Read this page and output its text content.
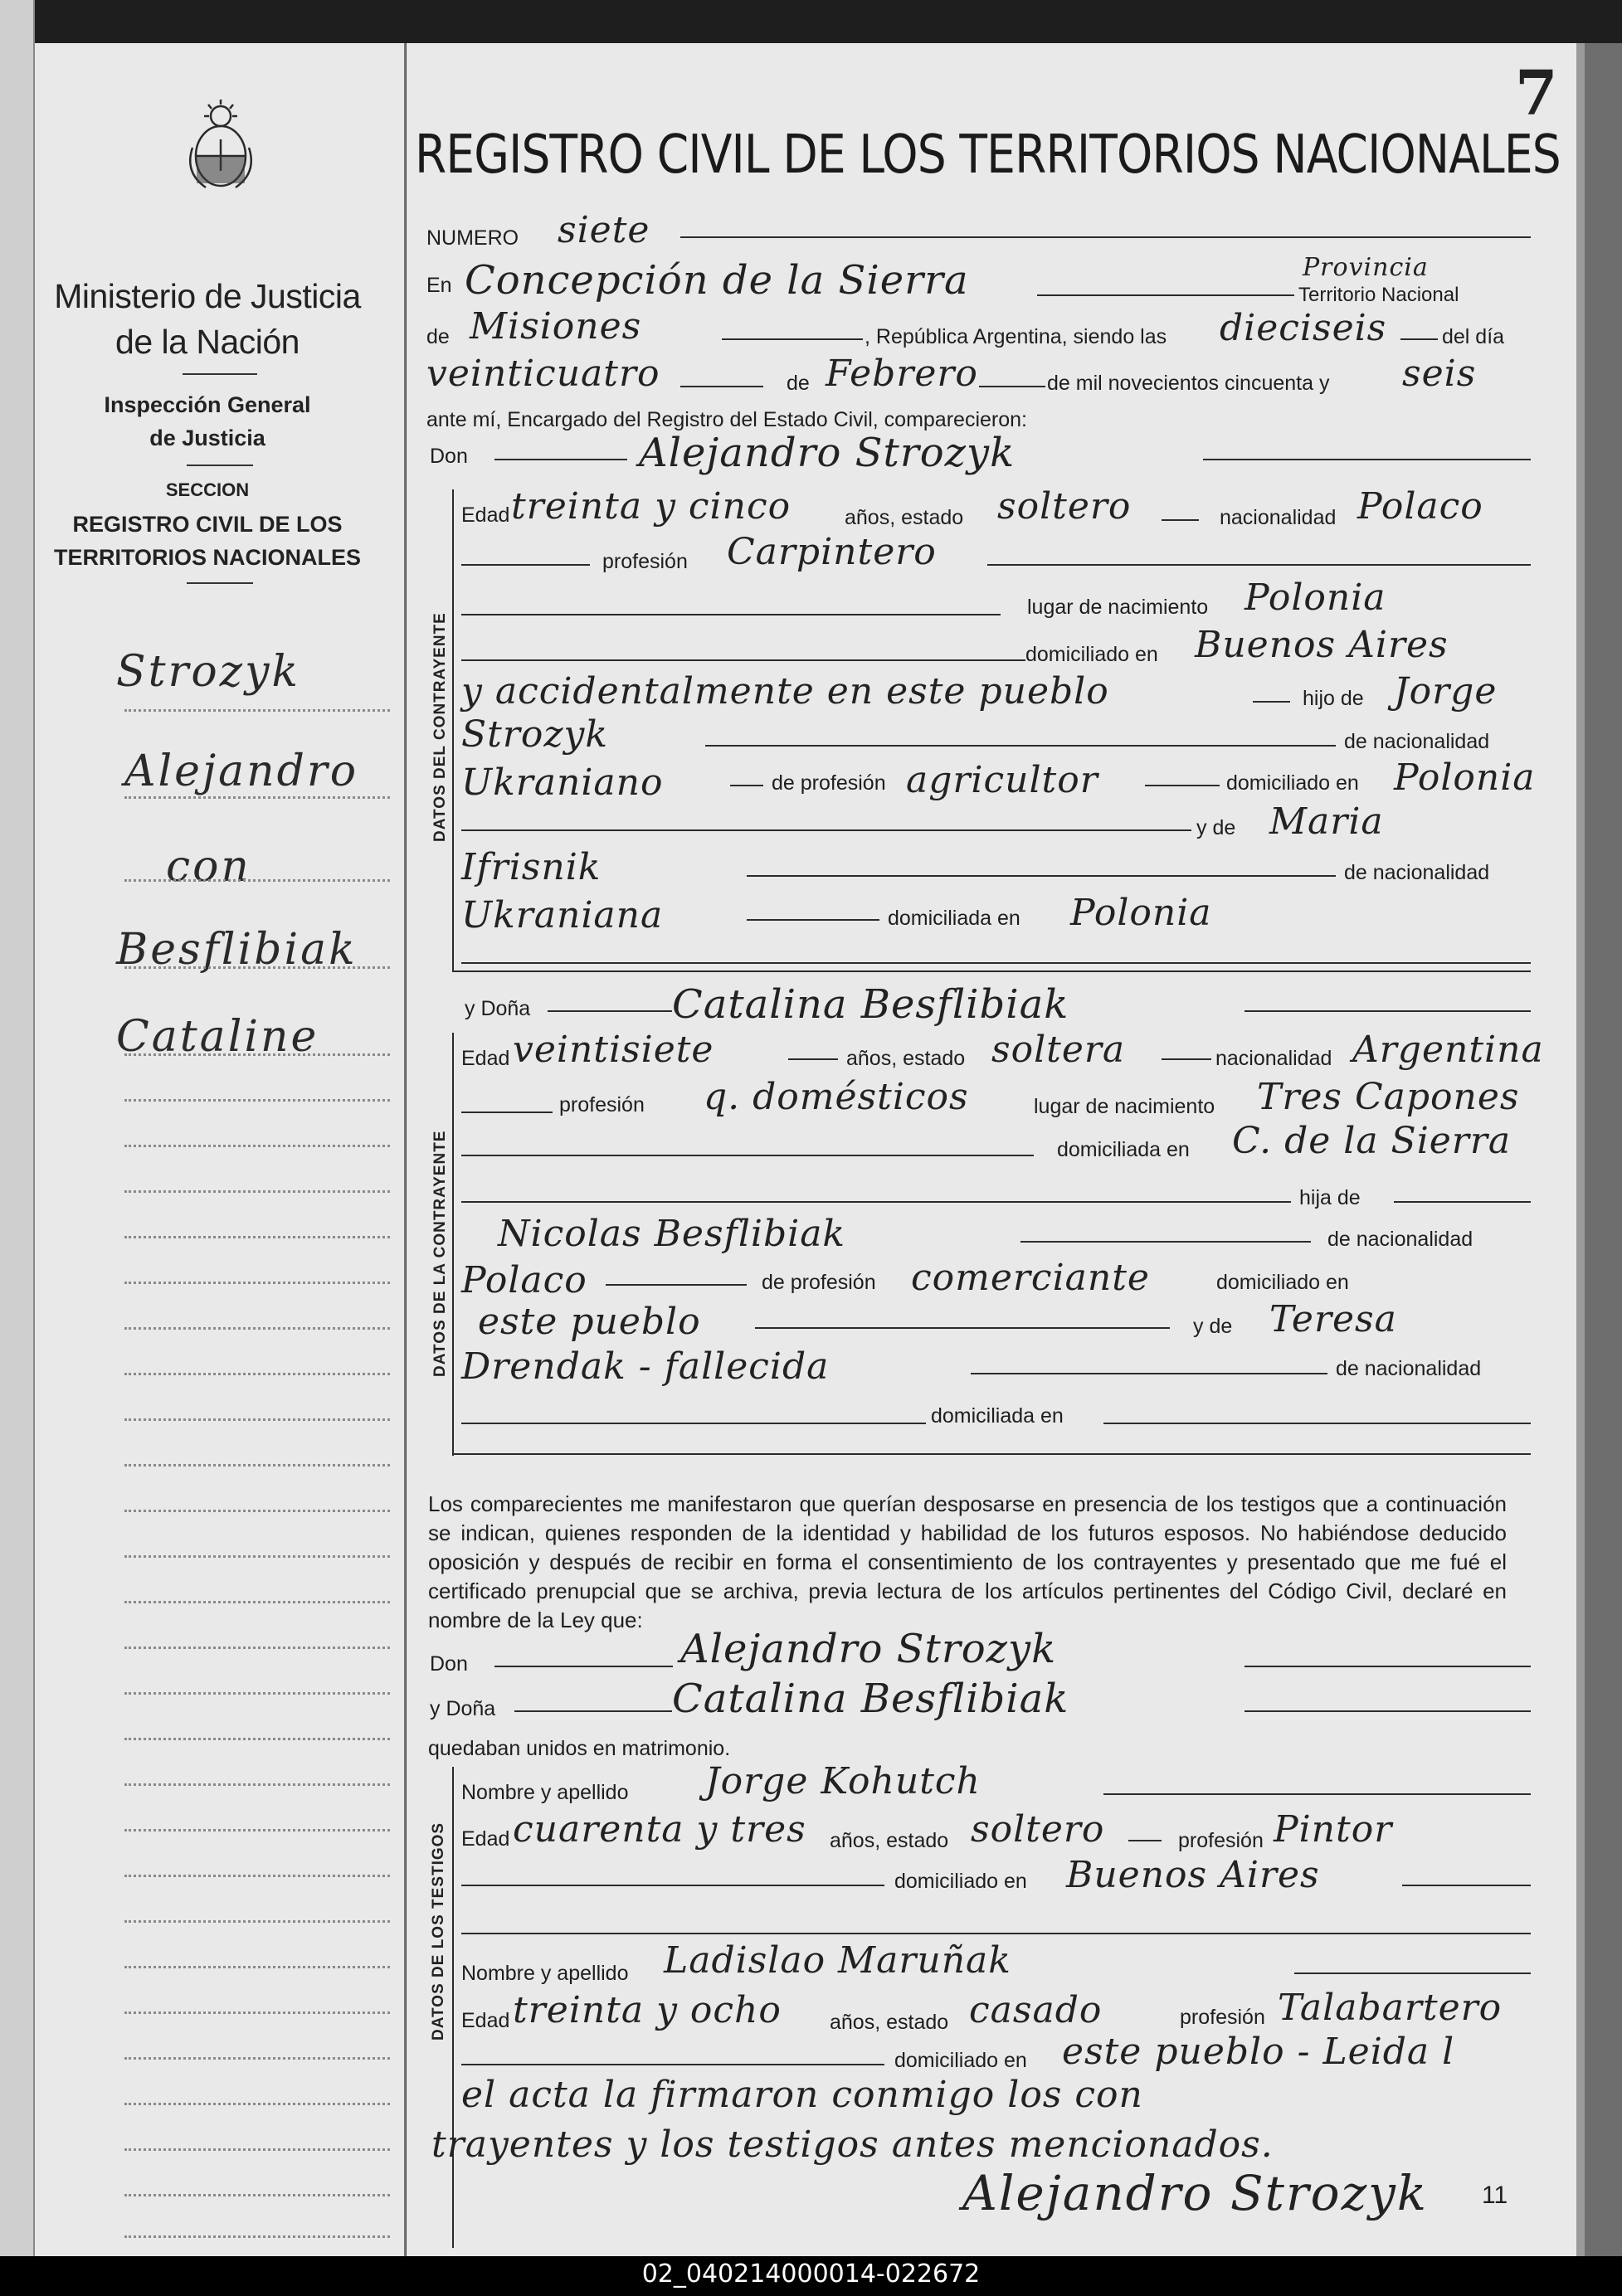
Ministerio de Justicia
de la Nación
Inspección General
de Justicia
SECCION
REGISTRO CIVIL DE LOS
TERRITORIOS NACIONALES
Strozyk
Alejandro
con
Besflibiak
Cataline
7
REGISTRO CIVIL DE LOS TERRITORIOS NACIONALES
NUMERO siete
En Concepción de la Sierra	Provincia
Territorio Nacional
de Misiones	, República Argentina, siendo las dieciseis	del día
veinticuatro	de Febrero	de mil novecientos cincuenta y seis
ante mí, Encargado del Registro del Estado Civil, comparecieron:
Don	Alejandro Strozyk
DATOS DEL CONTRAYENTE
Edad treinta y cinco	años, estado soltero	nacionalidad Polaco
profesión Carpintero
lugar de nacimiento Polonia
domiciliado en Buenos Aires
y accidentalmente en este pueblo	hijo de Jorge
Strozyk	de nacionalidad
Ukraniano	de profesión agricultor	domiciliado en Polonia
y de Maria
Ifrisnik	de nacionalidad
Ukraniana	domiciliada en Polonia
y Doña	Catalina Besflibiak
DATOS DE LA CONTRAYENTE
Edad veintisiete	años, estado soltera	nacionalidad Argentina
profesión q. domésticos	lugar de nacimiento Tres Capones
domiciliada en C. de la Sierra
hija de
Nicolas Besflibiak	de nacionalidad
Polaco	de profesión comerciante	domiciliado en
este pueblo	y de Teresa
Drendak - fallecida	de nacionalidad
domiciliada en
Los comparecientes me manifestaron que querían desposarse en presencia de los testigos que a continuación se indican, quienes responden de la identidad y habilidad de los futuros esposos. No habiéndose deducido oposición y después de recibir en forma el consentimiento de los contrayentes y presentado que me fué el certificado prenupcial que se archiva, previa lectura de los artículos pertinentes del Código Civil, declaré en nombre de la Ley que:
Don	Alejandro Strozyk
y Doña	Catalina Besflibiak
quedaban unidos en matrimonio.
DATOS DE LOS TESTIGOS
Nombre y apellido Jorge Kohutch
Edad cuarenta y tres años, estado soltero	profesión Pintor
domiciliado en Buenos Aires
Nombre y apellido Ladislao Maruñak
Edad treinta y ocho años, estado casado	profesión Talabartero
domiciliado en este pueblo - Leida l
el acta la firmaron conmigo los con
trayentes y los testigos antes mencionados.
Alejandro Strozyk 11
02_040214000014-022672
